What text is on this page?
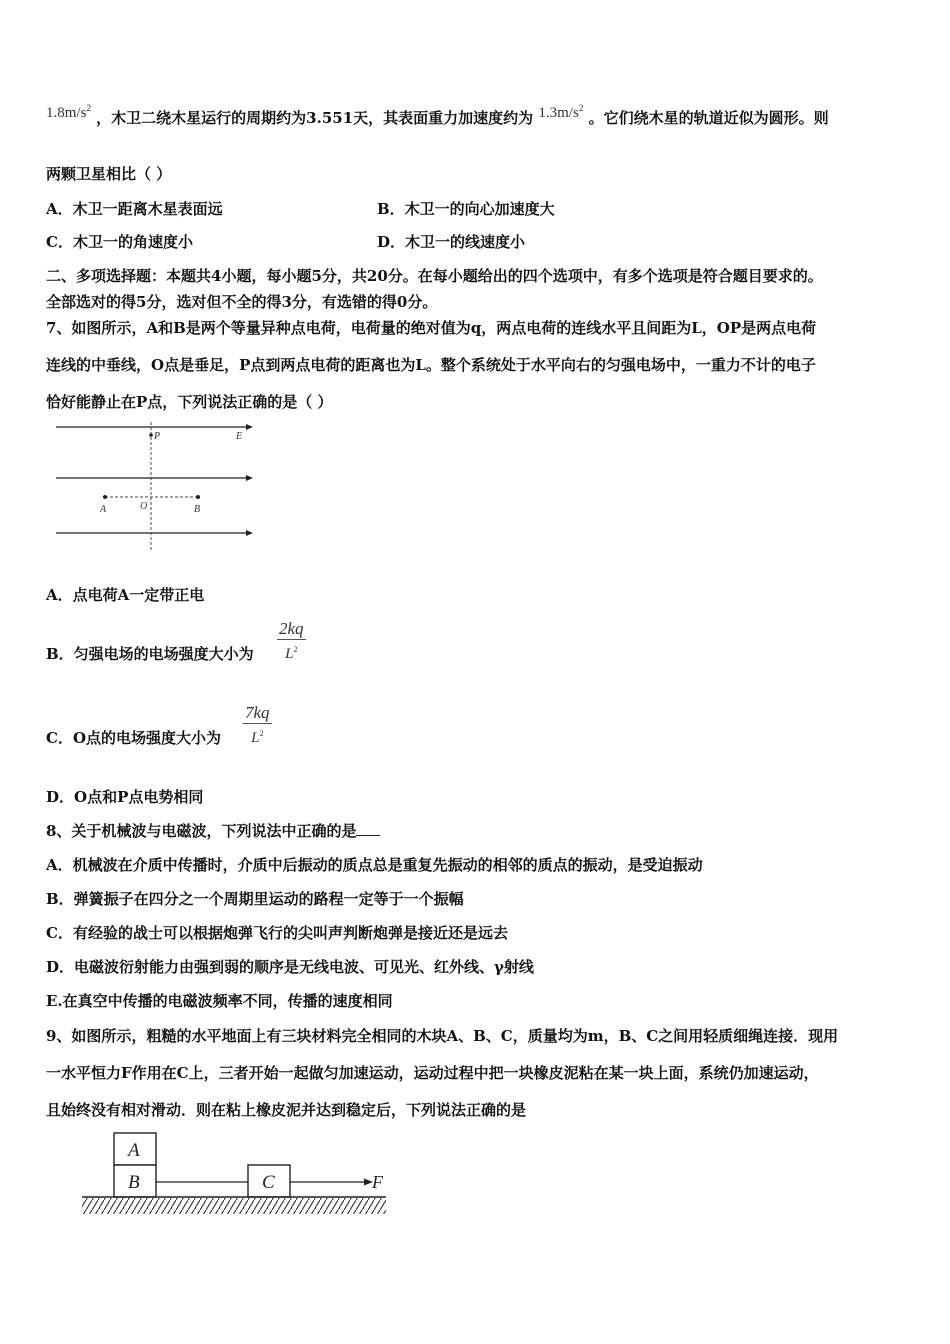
$1.8m/s^2$ ，木卫二绕木星运行的周期约为3.551天，其表面重力加速度约为 $1.3m/s^2$ 。它们绕木星的轨道近似为圆形。则
两颗卫星相比（ ）
A．木卫一距离木星表面远	B．木卫一的向心加速度大
C．木卫一的角速度小	D．木卫一的线速度小
二、多项选择题：本题共4小题，每小题5分，共20分。在每小题给出的四个选项中，有多个选项是符合题目要求的。
全部选对的得5分，选对但不全的得3分，有选错的得0分。
7、如图所示，A和B是两个等量异种点电荷，电荷量的绝对值为q，两点电荷的连线水平且间距为L，OP是两点电荷
连线的中垂线，O点是垂足，P点到两点电荷的距离也为L。整个系统处于水平向右的匀强电场中，一重力不计的电子
恰好能静止在P点，下列说法正确的是（ ）
P	E
O
A	B
A．点电荷A一定带正电
B．匀强电场的电场强度大小为 $\frac{2kq}{L^2}$
C．O点的电场强度大小为 $\frac{7kq}{L^2}$
D．O点和P点电势相同
8、关于机械波与电磁波，下列说法中正确的是
A．机械波在介质中传播时，介质中后振动的质点总是重复先振动的相邻的质点的振动，是受迫振动
B．弹簧振子在四分之一个周期里运动的路程一定等于一个振幅
C．有经验的战士可以根据炮弹飞行的尖叫声判断炮弹是接近还是远去
D．电磁波衍射能力由强到弱的顺序是无线电波、可见光、红外线、γ射线
E.在真空中传播的电磁波频率不同，传播的速度相同
9、如图所示，粗糙的水平地面上有三块材料完全相同的木块A、B、C，质量均为m，B、C之间用轻质细绳连接．现用
一水平恒力F作用在C上，三者开始一起做匀加速运动，运动过程中把一块橡皮泥粘在某一块上面，系统仍加速运动，
且始终没有相对滑动．则在粘上橡皮泥并达到稳定后，下列说法正确的是
A
B	C	F
